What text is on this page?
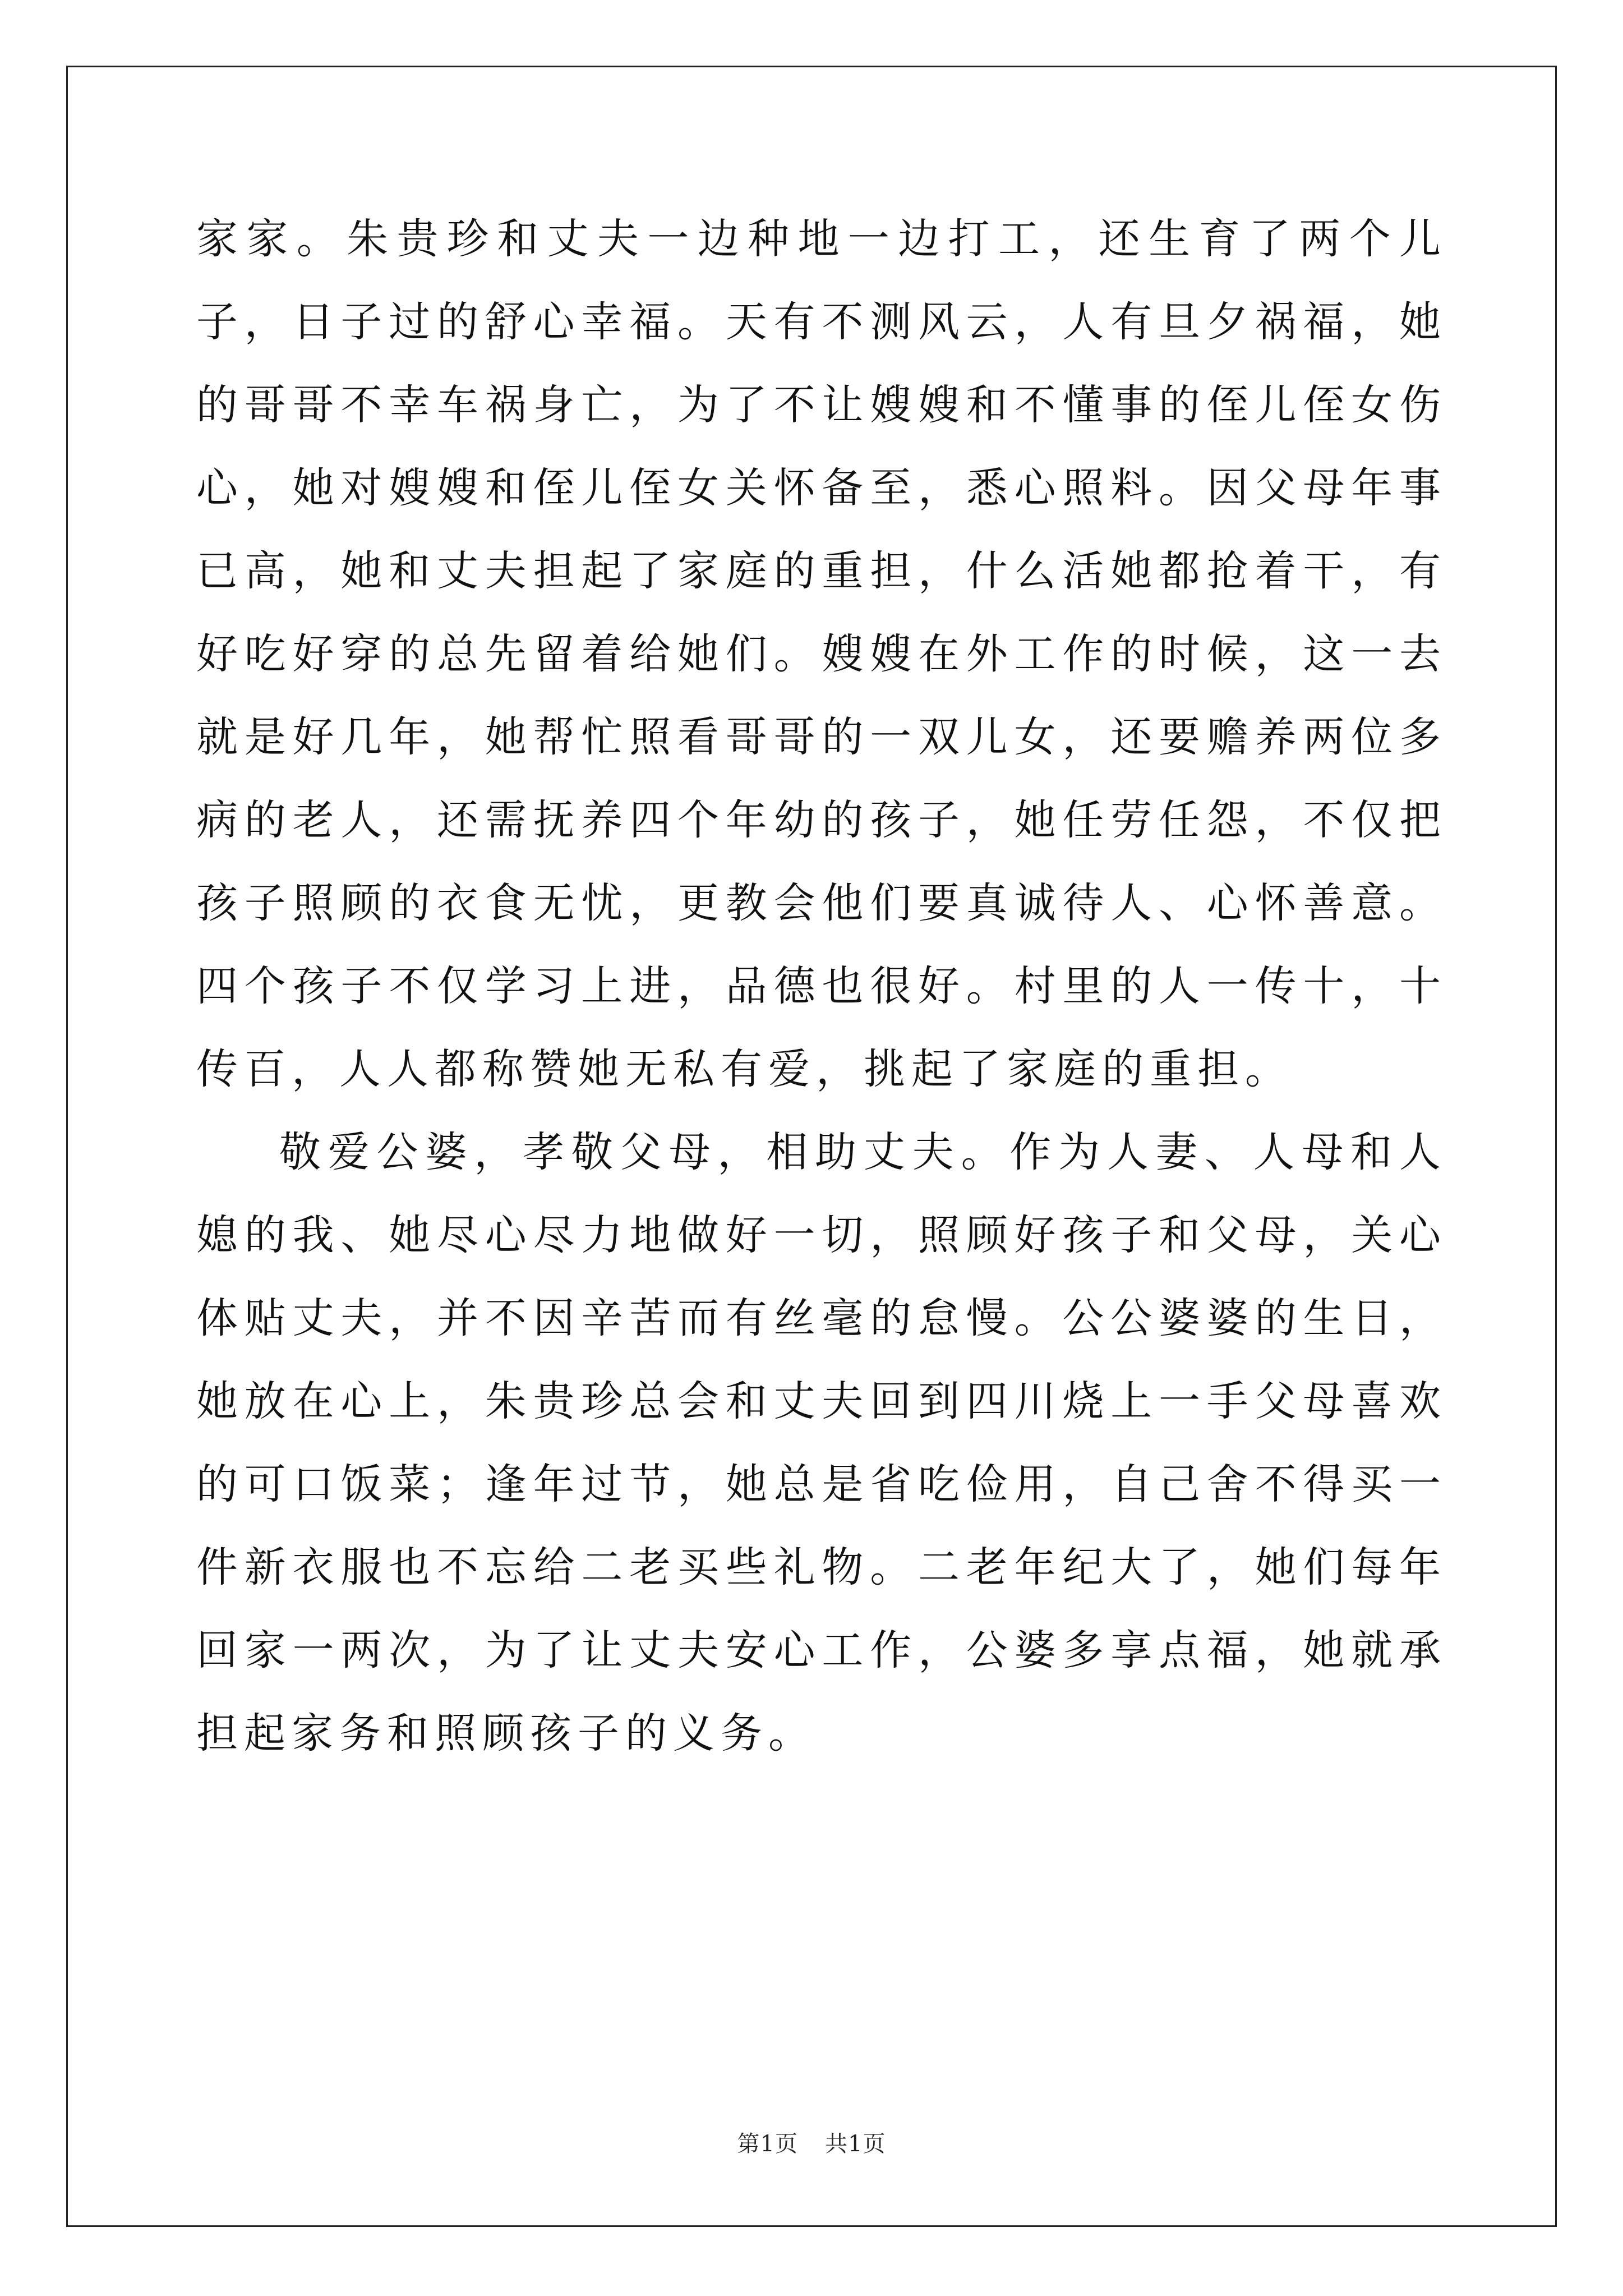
家家。朱贵珍和丈夫一边种地一边打工，还生育了两个儿子，日子过的舒心幸福。天有不测风云，人有旦夕祸福，她的哥哥不幸车祸身亡，为了不让嫂嫂和不懂事的侄儿侄女伤心，她对嫂嫂和侄儿侄女关怀备至，悉心照料。因父母年事已高，她和丈夫担起了家庭的重担，什么活她都抢着干，有好吃好穿的总先留着给她们。嫂嫂在外工作的时候，这一去就是好几年，她帮忙照看哥哥的一双儿女，还要赡养两位多病的老人，还需抚养四个年幼的孩子，她任劳任怨，不仅把孩子照顾的衣食无忧，更教会他们要真诚待人、心怀善意。四个孩子不仅学习上进，品德也很好。村里的人一传十，十传百，人人都称赞她无私有爱，挑起了家庭的重担。

敬爱公婆，孝敬父母，相助丈夫。作为人妻、人母和人媳的我、她尽心尽力地做好一切，照顾好孩子和父母，关心体贴丈夫，并不因辛苦而有丝毫的怠慢。公公婆婆的生日，她放在心上，朱贵珍总会和丈夫回到四川烧上一手父母喜欢的可口饭菜；逢年过节，她总是省吃俭用，自己舍不得买一件新衣服也不忘给二老买些礼物。二老年纪大了，她们每年回家一两次，为了让丈夫安心工作，公婆多享点福，她就承担起家务和照顾孩子的义务。

第1页 共1页
